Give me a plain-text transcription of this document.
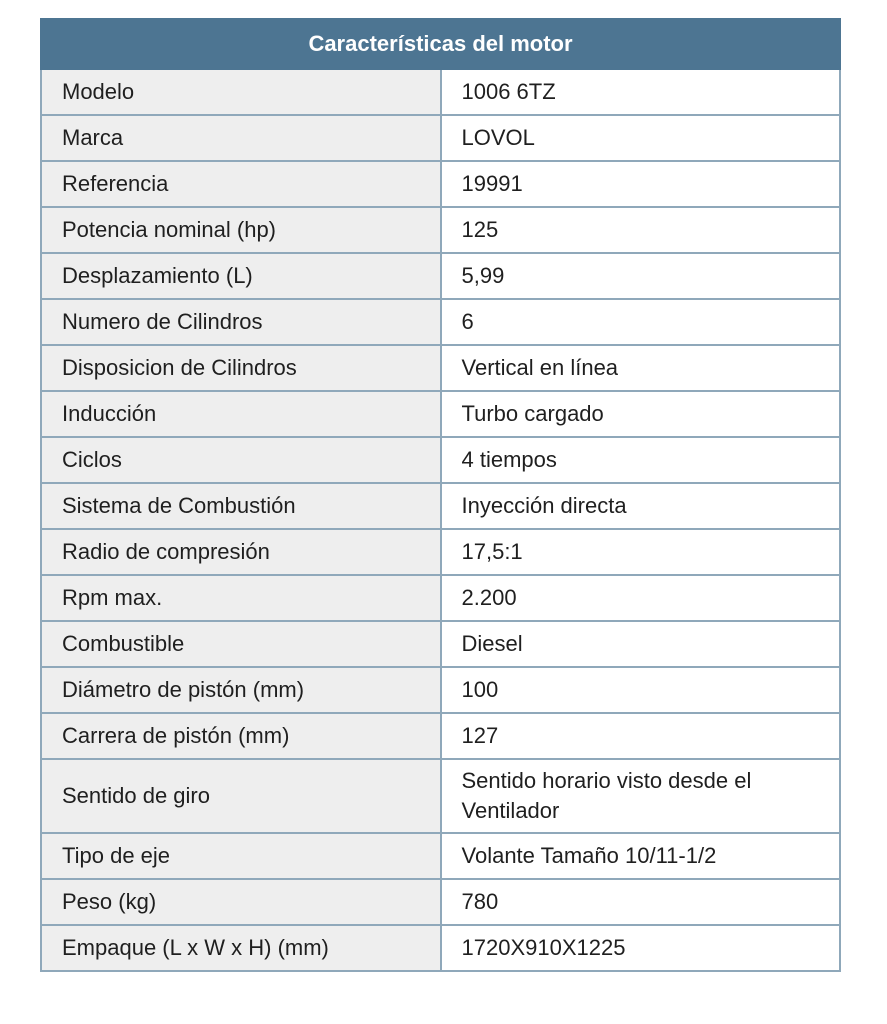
Características del motor	
Modelo	1006 6TZ
Marca	LOVOL
Referencia	19991
Potencia nominal (hp)	125
Desplazamiento (L)	5,99
Numero de Cilindros	6
Disposicion de Cilindros	Vertical en línea
Inducción	Turbo cargado
Ciclos	4 tiempos
Sistema de Combustión	Inyección directa
Radio de compresión	17,5:1
Rpm max.	2.200
Combustible	Diesel
Diámetro de pistón (mm)	100
Carrera de pistón (mm)	127
Sentido de giro	Sentido horario visto desde el Ventilador
Tipo de eje	Volante Tamaño 10/11-1/2
Peso (kg)	780
Empaque (L x W x H) (mm)	1720X910X1225
